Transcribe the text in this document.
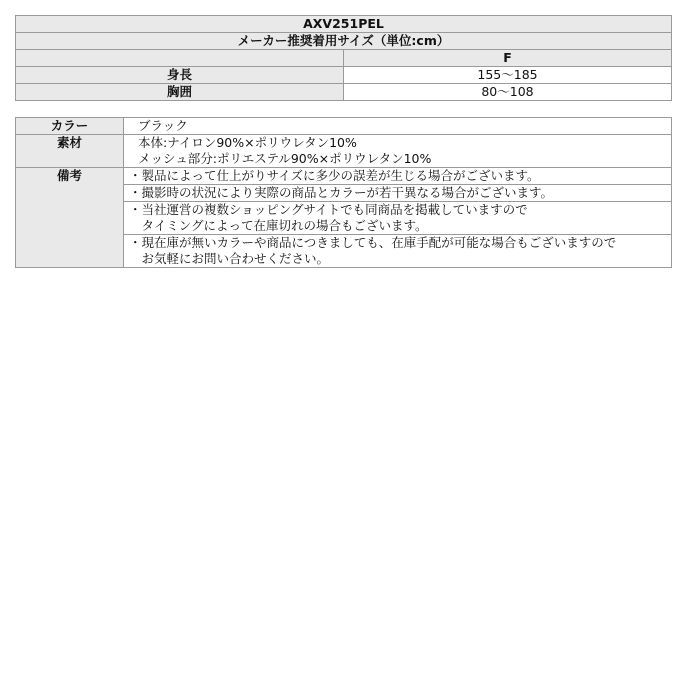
AXV251PEL	
メーカー推奨着用サイズ（単位:cm）	
	F
身長	155〜185
胸囲	80〜108
カラー	ブラック
素材	本体:ナイロン90%×ポリウレタン10%
メッシュ部分:ポリエステル90%×ポリウレタン10%

備考	・製品によって仕上がりサイズに多少の誤差が生じる場合がございます。

	・撮影時の状況により実際の商品とカラーが若干異なる場合がございます。

	・当社運営の複数ショッピングサイトでも同商品を掲載していますので
　タイミングによって在庫切れの場合もございます。

	・現在庫が無いカラーや商品につきましても、在庫手配が可能な場合もございますので
　お気軽にお問い合わせください。
